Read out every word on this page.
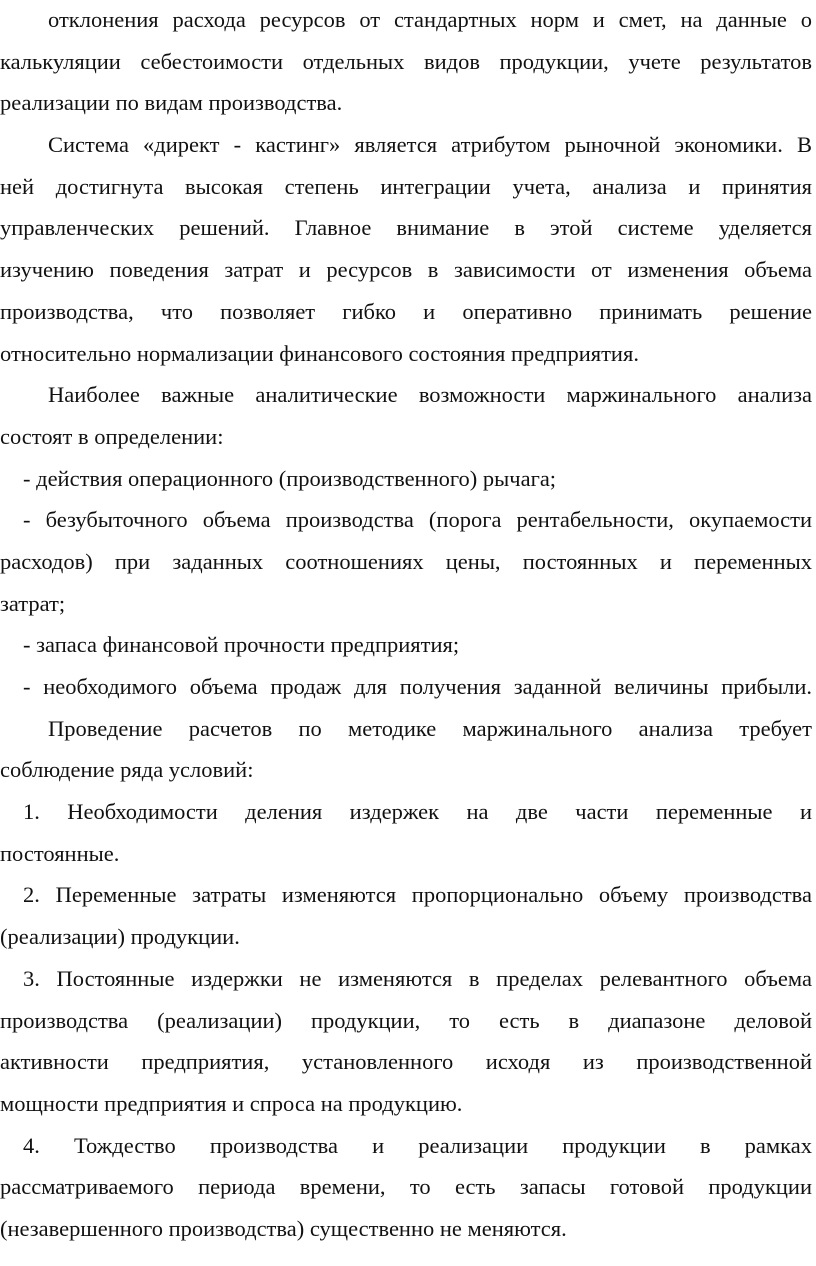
отклонения расхода ресурсов от стандартных норм и смет, на данные о
калькуляции себестоимости отдельных видов продукции, учете результатов
реализации по видам производства.
Система «директ - кастинг» является атрибутом рыночной экономики. В
ней достигнута высокая степень интеграции учета, анализа и принятия
управленческих решений. Главное внимание в этой системе уделяется
изучению поведения затрат и ресурсов в зависимости от изменения объема
производства, что позволяет гибко и оперативно принимать решение
относительно нормализации финансового состояния предприятия.
Наиболее важные аналитические возможности маржинального анализа
состоят в определении:
- действия операционного (производственного) рычага;
- безубыточного объема производства (порога рентабельности, окупаемости
расходов) при заданных соотношениях цены, постоянных и переменных
затрат;
- запаса финансовой прочности предприятия;
- необходимого объема продаж для получения заданной величины прибыли.
Проведение расчетов по методике маржинального анализа требует
соблюдение ряда условий:
1. Необходимости деления издержек на две части переменные и
постоянные.
2. Переменные затраты изменяются пропорционально объему производства
(реализации) продукции.
3. Постоянные издержки не изменяются в пределах релевантного объема
производства (реализации) продукции, то есть в диапазоне деловой
активности предприятия, установленного исходя из производственной
мощности предприятия и спроса на продукцию.
4. Тождество производства и реализации продукции в рамках
рассматриваемого периода времени, то есть запасы готовой продукции
(незавершенного производства) существенно не меняются.
